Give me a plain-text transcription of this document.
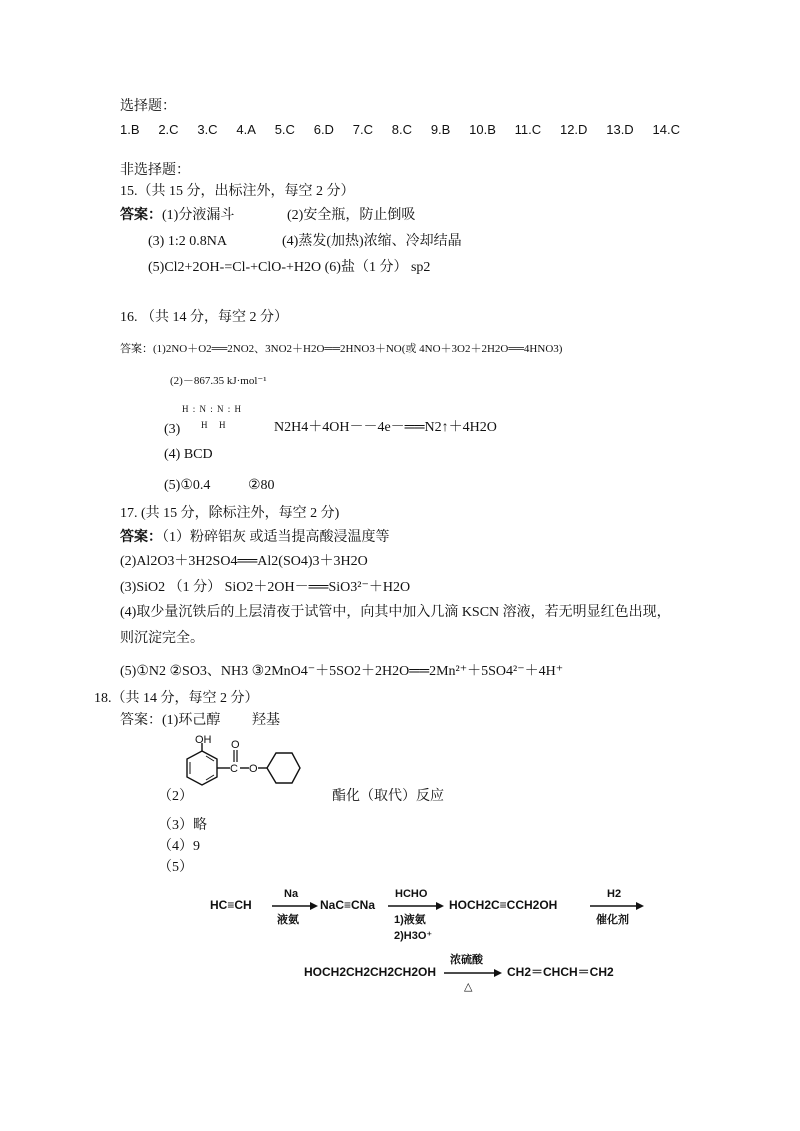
选择题：
1.B 2.C 3.C 4.A 5.C 6.D 7.C 8.C 9.B 10.B 11.C 12.D 13.D 14.C
非选择题：
15.（共 15 分，出标注外，每空 2 分）
答案：(1)分液漏斗	(2)安全瓶，防止倒吸
(3) 1:2 0.8NA	(4)蒸发(加热)浓缩、冷却结晶
(5)Cl2+2OH-=Cl-+ClO-+H2O (6)盐（1 分） sp2
16. （共 14 分，每空 2 分）
答案：(1)2NO＋O2══2NO2、3NO2＋H2O══2HNO3＋NO(或 4NO＋3O2＋2H2O══4HNO3)
(2)－867.35 kJ·mol⁻¹
H : N : N : H
H H
(3)	N2H4＋4OH－－4e－══N2↑＋4H2O
(4) BCD
(5)①0.4	②80
17. (共 15 分，除标注外，每空 2 分)
答案：（1）粉碎铝灰 或适当提高酸浸温度等
(2)Al2O3＋3H2SO4══Al2(SO4)3＋3H2O
(3)SiO2 （1 分） SiO2＋2OH－══SiO3²⁻＋H2O
(4)取少量沉铁后的上层清夜于试管中，向其中加入几滴 KSCN 溶液，若无明显红色出现，
则沉淀完全。
(5)①N2 ②SO3、NH3 ③2MnO4⁻＋5SO2＋2H2O══2Mn²⁺＋5SO4²⁻＋4H⁺
18.（共 14 分，每空 2 分）
答案：(1)环己醇 羟基
OH
C
O
O
（2）	酯化（取代）反应
（3）略
（4）9
（5）
HC≡CH
Na
液氨
NaC≡CNa
HCHO
1)液氨
2)H3O⁺
HOCH2C≡CCH2OH
H2
催化剂
HOCH2CH2CH2CH2OH
浓硫酸
△
CH2＝CHCH＝CH2
